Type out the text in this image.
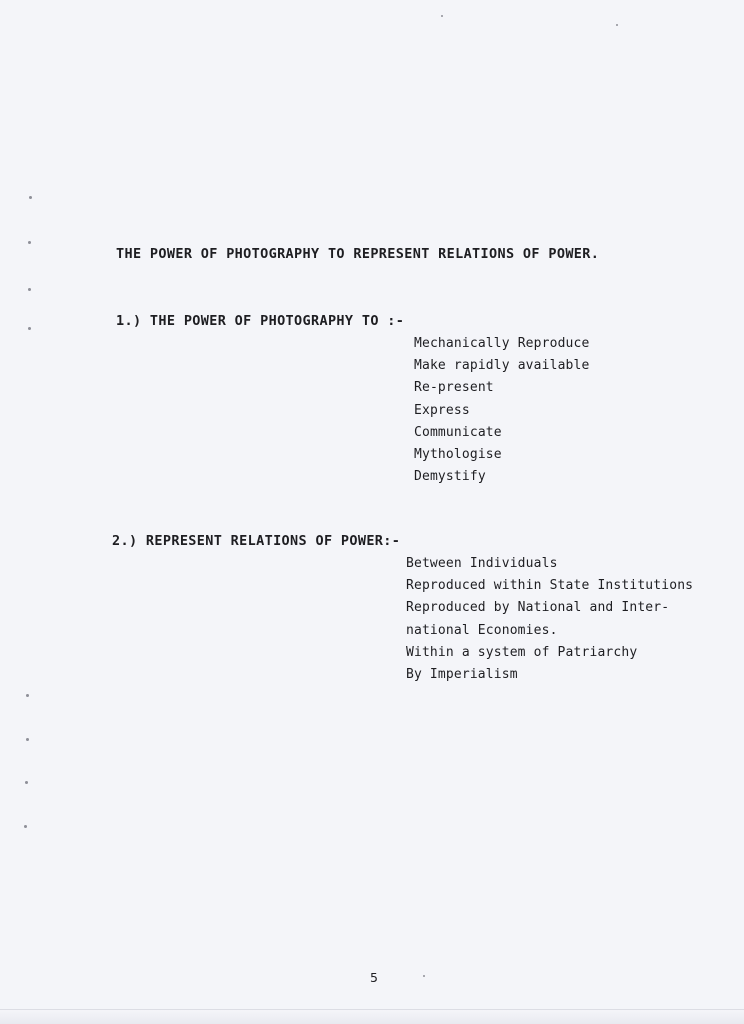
THE POWER OF PHOTOGRAPHY TO REPRESENT RELATIONS OF POWER.
1.) THE POWER OF PHOTOGRAPHY TO :-
Mechanically Reproduce
Make rapidly available
Re-present
Express
Communicate
Mythologise
Demystify
2.) REPRESENT RELATIONS OF POWER:-
Between Individuals
Reproduced within State Institutions
Reproduced by National and Inter-
national Economies.
Within a system of Patriarchy
By Imperialism
5
